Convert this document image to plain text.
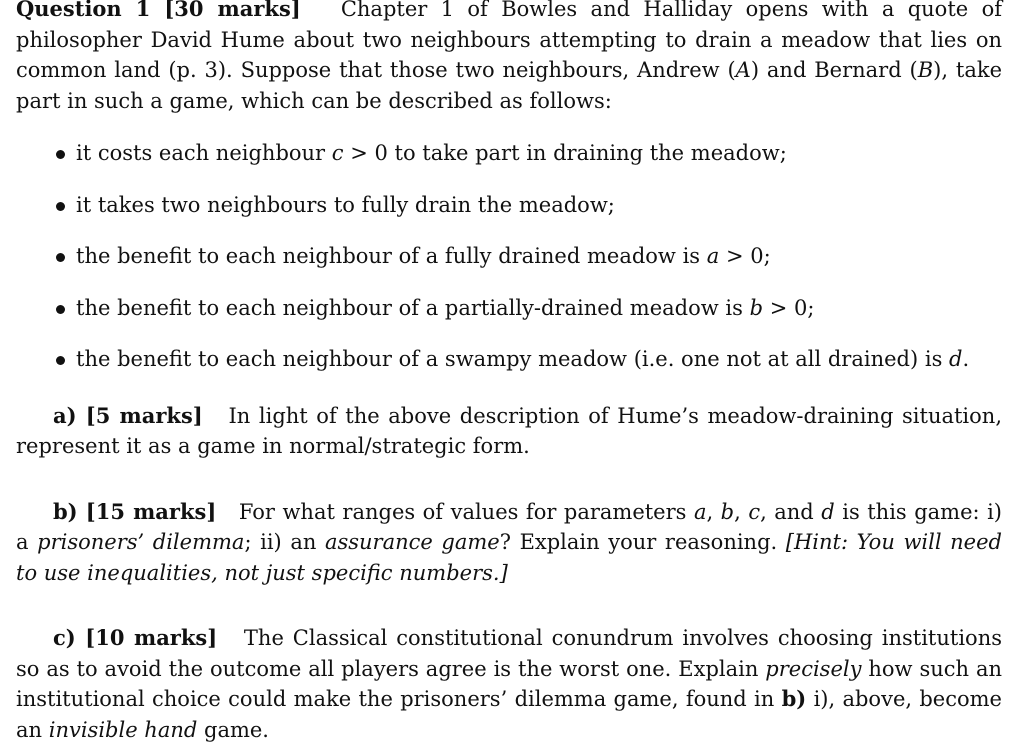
Question 1 [30 marks] Chapter 1 of Bowles and Halliday opens with a quote of philosopher David Hume about two neighbours attempting to drain a meadow that lies on common land (p. 3). Suppose that those two neighbours, Andrew (A) and Bernard (B), take part in such a game, which can be described as follows:

it costs each neighbour c > 0 to take part in draining the meadow;
it takes two neighbours to fully drain the meadow;
the benefit to each neighbour of a fully drained meadow is a > 0;
the benefit to each neighbour of a partially-drained meadow is b > 0;
the benefit to each neighbour of a swampy meadow (i.e. one not at all drained) is d.

a) [5 marks] In light of the above description of Hume’s meadow-draining situation, represent it as a game in normal/strategic form.

b) [15 marks] For what ranges of values for parameters a, b, c, and d is this game: i) a prisoners’ dilemma; ii) an assurance game? Explain your reasoning. [Hint: You will need to use inequalities, not just specific numbers.]

c) [10 marks] The Classical constitutional conundrum involves choosing institutions so as to avoid the outcome all players agree is the worst one. Explain precisely how such an institutional choice could make the prisoners’ dilemma game, found in b) i), above, become an invisible hand game.
